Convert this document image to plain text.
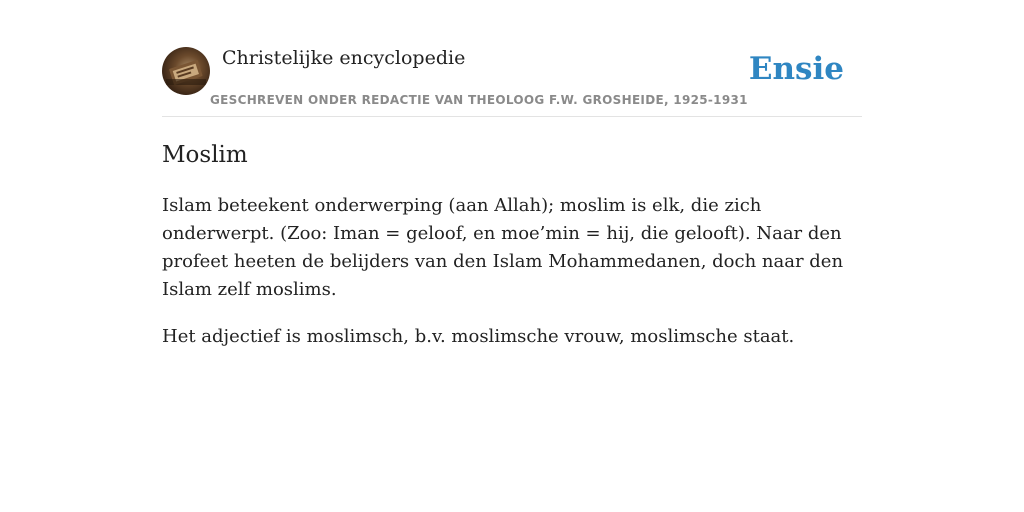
Christelijke encyclopedie
GESCHREVEN ONDER REDACTIE VAN THEOLOOG F.W. GROSHEIDE, 1925-1931
Ensie
Moslim

Islam beteekent onderwerping (aan Allah); moslim is elk, die zich onderwerpt. (Zoo: Iman = geloof, en moe’min = hij, die gelooft). Naar den profeet heeten de belijders van den Islam Mohammedanen, doch naar den Islam zelf moslims.

Het adjectief is moslimsch, b.v. moslimsche vrouw, moslimsche staat.
